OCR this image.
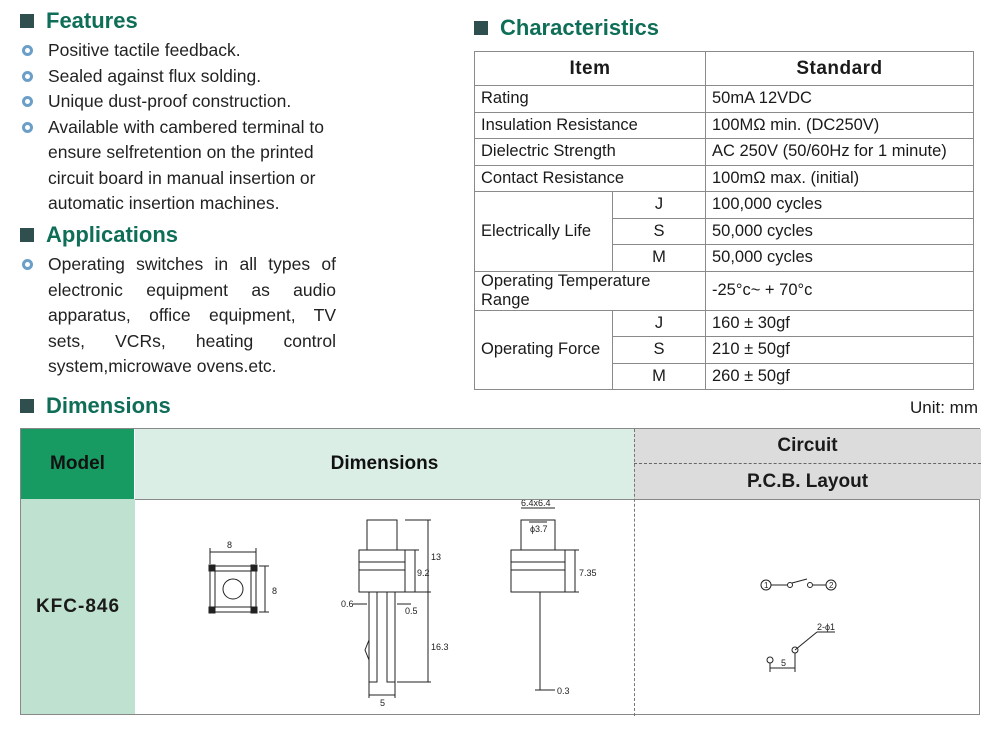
Features
Positive tactile feedback.
Sealed against flux solding.
Unique dust-proof construction.
Available with cambered terminal to ensure selfretention on the printed circuit board in manual insertion or automatic insertion machines.
Applications
Operating switches in all types of electronic equipment as audio apparatus, office equipment, TV sets, VCRs, heating control system,microwave ovens.etc.
Characteristics
Item		Standard
Rating		50mA 12VDC
Insulation Resistance		100MΩ min. (DC250V)
Dielectric Strength		AC 250V (50/60Hz for 1 minute)
Contact Resistance		100mΩ max. (initial)
Electrically Life	J	100,000 cycles
	S	50,000 cycles
	M	50,000 cycles
Operating Temperature Range		-25°c~ + 70°c
Operating Force	J	160 ± 30gf
	S	210 ± 50gf
	M	260 ± 50gf
Dimensions	Unit: mm
Model	Dimensions
Circuit
P.C.B. Layout
KFC-846
8
8
9.2
13
16.3
0.6
0.5
5
6.4x6.4
ϕ3.7
7.35
0.3
1	2
5
2-ϕ1
